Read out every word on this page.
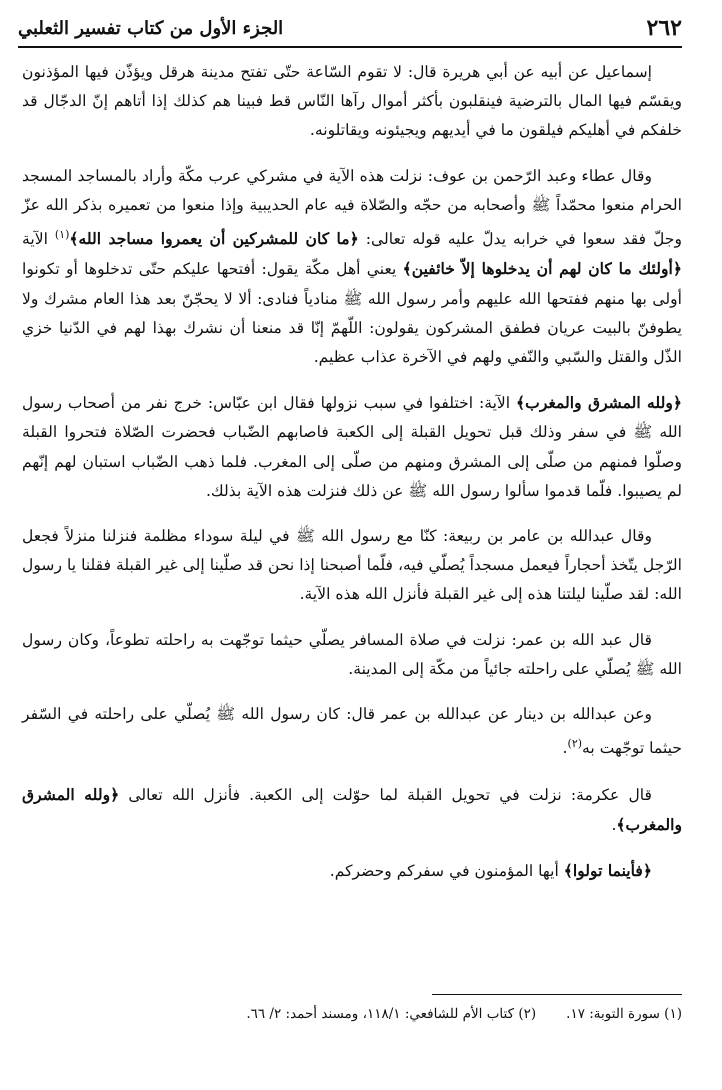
٢٦٢
الجزء الأول من كتاب تفسير الثعلبي

إسماعيل عن أبيه عن أبي هريرة قال: لا تقوم السّاعة حتّى تفتح مدينة هرقل ويؤذّن فيها المؤذنون ويقسّم فيها المال بالترضية فينقلبون بأكثر أموال رآها النّاس قط فبينا هم كذلك إذا أتاهم إنّ الدجّال قد خلفكم في أهليكم فيلقون ما في أيديهم ويجيئونه ويقاتلونه.

وقال عطاء وعبد الرّحمن بن عوف: نزلت هذه الآية في مشركي عرب مكّة وأراد بالمساجد المسجد الحرام منعوا محمّداً ﷺ وأصحابه من حجّه والصّلاة فيه عام الحديبية وإذا منعوا من تعميره بذكر الله عزّ وجلّ فقد سعوا في خرابه يدلّ عليه قوله تعالى: ﴿ما كان للمشركين أن يعمروا مساجد الله﴾$^{(١)}$ الآية ﴿أولئك ما كان لهم أن يدخلوها إلاّ خائفين﴾ يعني أهل مكّة يقول: أفتحها عليكم حتّى تدخلوها أو تكونوا أولى بها منهم ففتحها الله عليهم وأمر رسول الله ﷺ منادياً فنادى: ألا لا يحجّنّ بعد هذا العام مشرك ولا يطوفنّ بالبيت عريان فطفق المشركون يقولون: اللّهمّ إنّا قد منعنا أن نشرك بهذا لهم في الدّنيا خزي الذّل والقتل والسّبي والنّفي ولهم في الآخرة عذاب عظيم.

﴿ولله المشرق والمغرب﴾ الآية: اختلفوا في سبب نزولها فقال ابن عبّاس: خرج نفر من أصحاب رسول الله ﷺ في سفر وذلك قبل تحويل القبلة إلى الكعبة فاصابهم الضّباب فحضرت الصّلاة فتحروا القبلة وصلّوا فمنهم من صلّى إلى المشرق ومنهم من صلّى إلى المغرب. فلما ذهب الضّباب استبان لهم إنّهم لم يصيبوا. فلّما قدموا سألوا رسول الله ﷺ عن ذلك فنزلت هذه الآية بذلك.

وقال عبدالله بن عامر بن ربيعة: كنّا مع رسول الله ﷺ في ليلة سوداء مظلمة فنزلنا منزلاً فجعل الرّجل يتّخذ أحجاراً فيعمل مسجداً يُصلّي فيه، فلّما أصبحنا إذا نحن قد صلّينا إلى غير القبلة فقلنا يا رسول الله: لقد صلّينا ليلتنا هذه إلى غير القبلة فأنزل الله هذه الآية.

قال عبد الله بن عمر: نزلت في صلاة المسافر يصلّي حيثما توجّهت به راحلته تطوعاً، وكان رسول الله ﷺ يُصلّي على راحلته جائياً من مكّة إلى المدينة.

وعن عبدالله بن دينار عن عبدالله بن عمر قال: كان رسول الله ﷺ يُصلّي على راحلته في السّفر حيثما توجّهت به$^{(٢)}$.

قال عكرمة: نزلت في تحويل القبلة لما حوّلت إلى الكعبة. فأنزل الله تعالى ﴿ولله المشرق والمغرب﴾.

﴿فأينما تولوا﴾ أيها المؤمنون في سفركم وحضركم.

(١) سورة التوبة: ١٧.
(٢) كتاب الأم للشافعي: ١١٨/١، ومسند أحمد: ٢/ ٦٦.
